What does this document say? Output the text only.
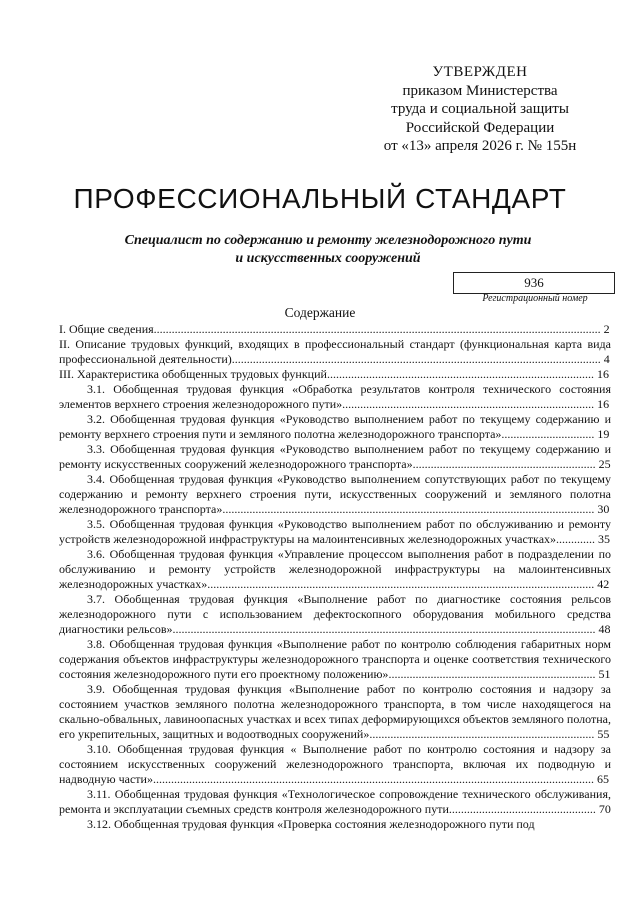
УТВЕРЖДЕН
приказом Министерства
труда и социальной защиты
Российской Федерации
от «13» апреля 2026 г. № 155н
ПРОФЕССИОНАЛЬНЫЙ СТАНДАРТ
Специалист по содержанию и ремонту железнодорожного пути
и искусственных сооружений
936
Регистрационный номер
Содержание

I. Общие сведения..................................................................................................................................................... 2

II. Описание трудовых функций, входящих в профессиональный стандарт (функциональная карта вида профессиональной деятельности)........................................................................................................................... 4

III. Характеристика обобщенных трудовых функций......................................................................................... 16

3.1. Обобщенная трудовая функция «Обработка результатов контроля технического состояния элементов верхнего строения железнодорожного пути».................................................................................... 16

3.2. Обобщенная трудовая функция «Руководство выполнением работ по текущему содержанию и ремонту верхнего строения пути и земляного полотна железнодорожного транспорта»............................... 19

3.3. Обобщенная трудовая функция «Руководство выполнением работ по текущему содержанию и ремонту искусственных сооружений железнодорожного транспорта»............................................................. 25

3.4. Обобщенная трудовая функция «Руководство выполнением сопутствующих работ по текущему содержанию и ремонту верхнего строения пути, искусственных сооружений и земляного полотна железнодорожного транспорта»............................................................................................................................ 30

3.5. Обобщенная трудовая функция «Руководство выполнением работ по обслуживанию и ремонту устройств железнодорожной инфраструктуры на малоинтенсивных железнодорожных участках»............. 35

3.6. Обобщенная трудовая функция «Управление процессом выполнения работ в подразделении по обслуживанию и ремонту устройств железнодорожной инфраструктуры на малоинтенсивных железнодорожных участках»................................................................................................................................. 42

3.7. Обобщенная трудовая функция «Выполнение работ по диагностике состояния рельсов железнодорожного пути с использованием дефектоскопного оборудования мобильного средства диагностики рельсов»............................................................................................................................................. 48

3.8. Обобщенная трудовая функция «Выполнение работ по контролю соблюдения габаритных норм содержания объектов инфраструктуры железнодорожного транспорта и оценке соответствия технического состояния железнодорожного пути его проектному положению»..................................................................... 51

3.9. Обобщенная трудовая функция «Выполнение работ по контролю состояния и надзору за состоянием участков земляного полотна железнодорожного транспорта, в том числе находящегося на скально-обвальных, лавиноопасных участках и всех типах деформирующихся объектов земляного полотна, его укрепительных, защитных и водоотводных сооружений»........................................................................... 55

3.10. Обобщенная трудовая функция « Выполнение работ по контролю состояния и надзору за состоянием искусственных сооружений железнодорожного транспорта, включая их подводную и надводную части»................................................................................................................................................... 65

3.11. Обобщенная трудовая функция «Технологическое сопровождение технического обслуживания, ремонта и эксплуатации съемных средств контроля железнодорожного пути................................................. 70

3.12. Обобщенная трудовая функция «Проверка состояния железнодорожного пути под
